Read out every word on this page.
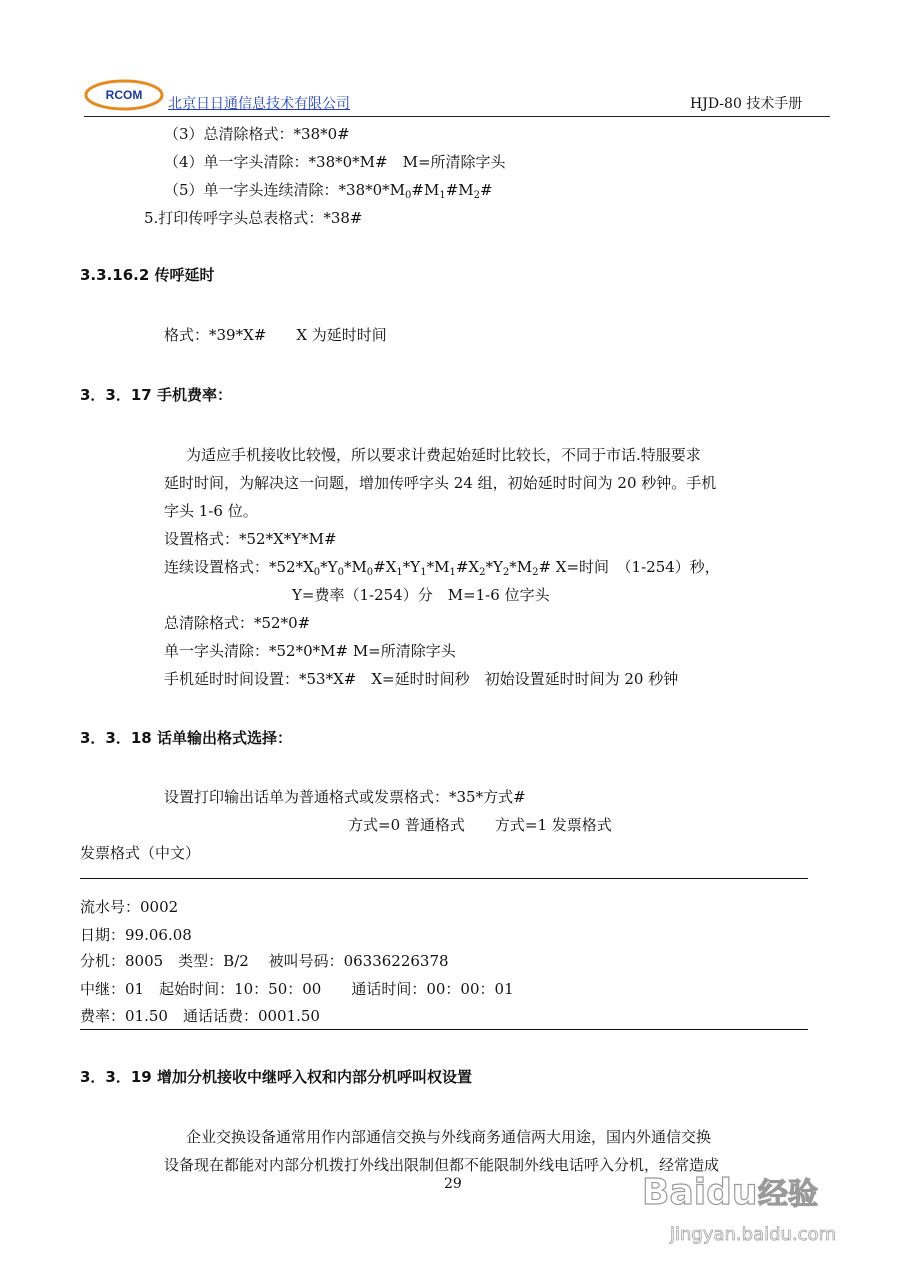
RCOM
北京日日通信息技术有限公司	HJD-80 技术手册
（3）总清除格式：*38*0#
（4）单一字头清除：*38*0*M#　M=所清除字头
（5）单一字头连续清除：$*38*0*M_0\#M_1\#M_2\#$
5.打印传呼字头总表格式：*38#
3.3.16.2 传呼延时
格式：*39*X#　　X 为延时时间
3．3．17 手机费率：
为适应手机接收比较慢，所以要求计费起始延时比较长，不同于市话.特服要求
延时时间，为解决这一问题，增加传呼字头 24 组，初始延时时间为 20 秒钟。手机
字头 1-6 位。
设置格式：*52*X*Y*M#
连续设置格式：$*52*X_0*Y_0*M_0\#X_1*Y_1*M_1\#X_2*Y_2*M_2\#$ X=时间　（1-254）秒，
Y=费率（1-254）分　M=1-6 位字头
总清除格式：*52*0#
单一字头清除：*52*0*M# M=所清除字头
手机延时时间设置：*53*X#　X=延时时间秒　初始设置延时时间为 20 秒钟
3．3．18 话单输出格式选择：
设置打印输出话单为普通格式或发票格式：*35*方式#
方式=0 普通格式　　方式=1 发票格式
发票格式（中文）
流水号：0002
日期：99.06.08
分机：8005　类型：B/2　 被叫号码：06336226378
中继：01　起始时间：10：50：00　　通话时间：00：00：01
费率：01.50　通话话费：0001.50
3．3．19 增加分机接收中继呼入权和内部分机呼叫权设置
企业交换设备通常用作内部通信交换与外线商务通信两大用途，国内外通信交换
设备现在都能对内部分机拨打外线出限制但都不能限制外线电话呼入分机，经常造成
29	Baidu 经验
jingyan.baidu.com
